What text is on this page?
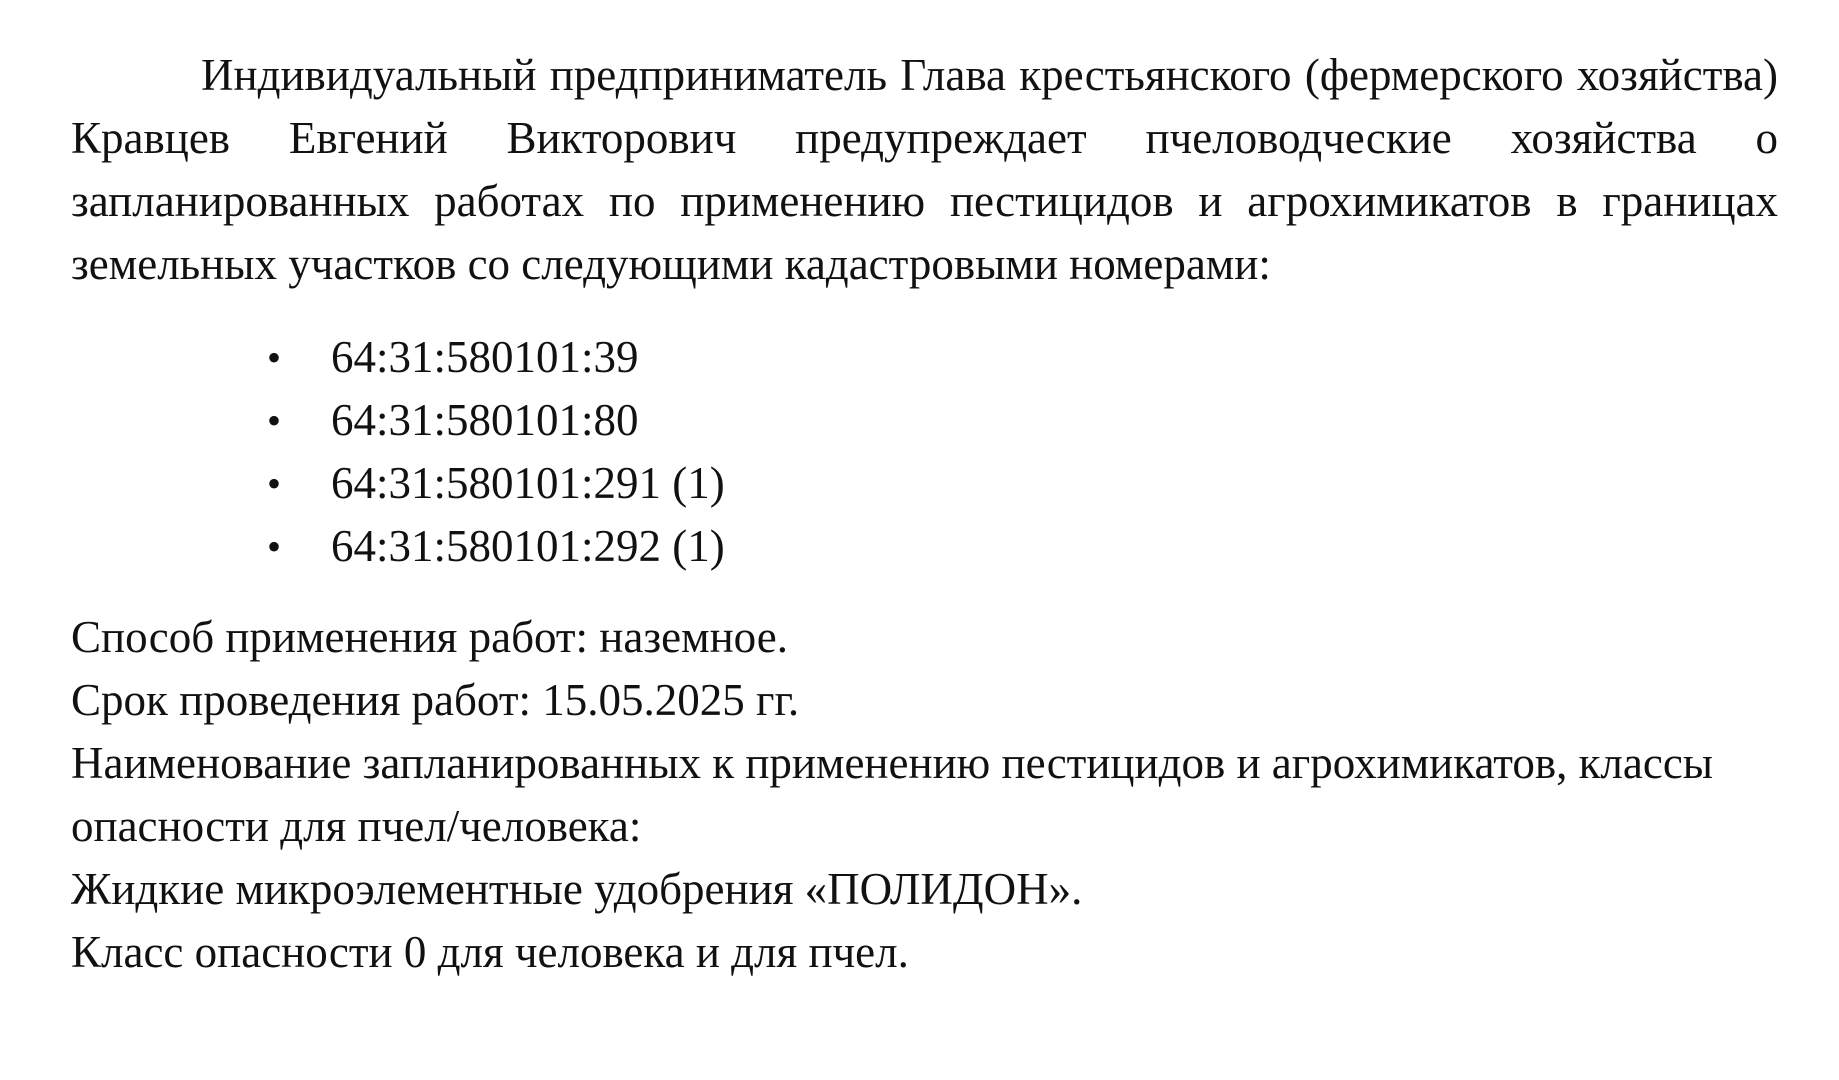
Индивидуальный предприниматель Глава крестьянского (фермерского хозяйства) Кравцев Евгений Викторович предупреждает пчеловодческие хозяйства о запланированных работах по применению пестицидов и агрохимикатов в границах земельных участков со следующими кадастровыми номерами:

• 64:31:580101:39
• 64:31:580101:80
• 64:31:580101:291 (1)
• 64:31:580101:292 (1)

Способ применения работ: наземное.

Срок проведения работ: 15.05.2025 гг.

Наименование запланированных к применению пестицидов и агрохимикатов, классы опасности для пчел/человека:

Жидкие микроэлементные удобрения «ПОЛИДОН».

Класс опасности 0 для человека и для пчел.
